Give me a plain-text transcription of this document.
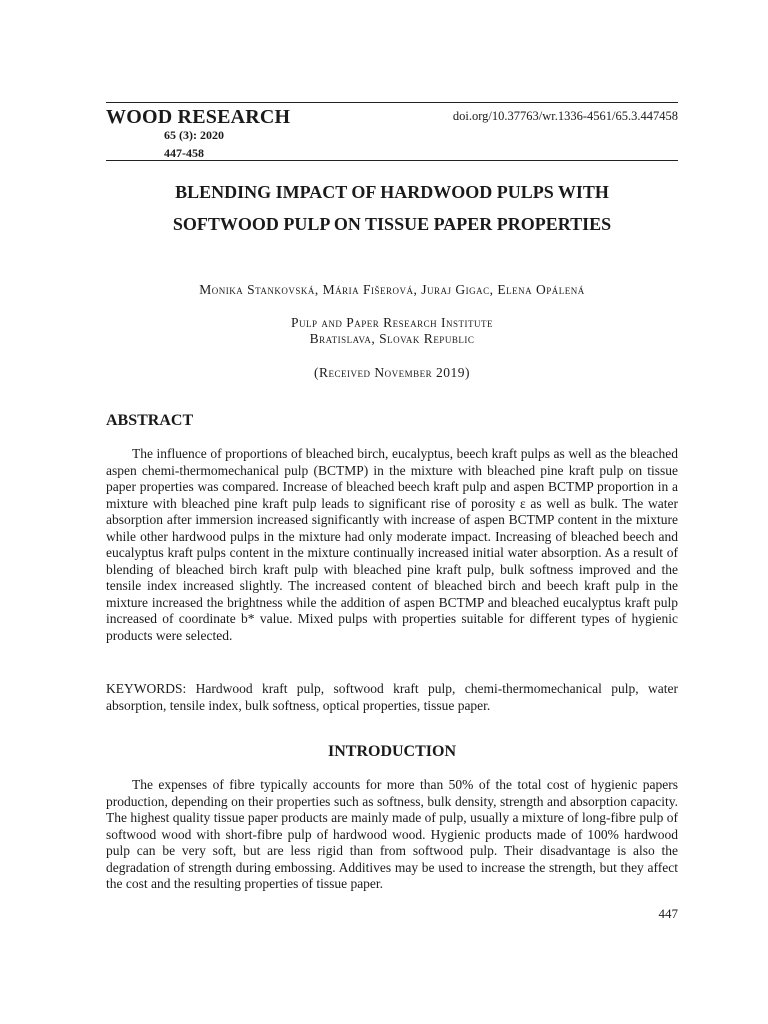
WOOD RESEARCH	doi.org/10.37763/wr.1336-4561/65.3.447458
65 (3): 2020
447-458
BLENDING IMPACT OF HARDWOOD PULPS WITH
SOFTWOOD PULP ON TISSUE PAPER PROPERTIES
Monika Stankovská, Mária Fišerová, Juraj Gigac, Elena Opálená
Pulp and Paper Research Institute
Bratislava, Slovak Republic
(Received November 2019)
ABSTRACT

The influence of proportions of bleached birch, eucalyptus, beech kraft pulps as well as the bleached aspen chemi-thermomechanical pulp (BCTMP) in the mixture with bleached pine kraft pulp on tissue paper properties was compared. Increase of bleached beech kraft pulp and aspen BCTMP proportion in a mixture with bleached pine kraft pulp leads to significant rise of porosity ε as well as bulk. The water absorption after immersion increased significantly with increase of aspen BCTMP content in the mixture while other hardwood pulps in the mixture had only moderate impact. Increasing of bleached beech and eucalyptus kraft pulps content in the mixture continually increased initial water absorption. As a result of blending of bleached birch kraft pulp with bleached pine kraft pulp, bulk softness improved and the tensile index increased slightly. The increased content of bleached birch and beech kraft pulp in the mixture increased the brightness while the addition of aspen BCTMP and bleached eucalyptus kraft pulp increased of coordinate b* value. Mixed pulps with properties suitable for different types of hygienic products were selected.

KEYWORDS: Hardwood kraft pulp, softwood kraft pulp, chemi-thermomechanical pulp, water absorption, tensile index, bulk softness, optical properties, tissue paper.

INTRODUCTION

The expenses of fibre typically accounts for more than 50% of the total cost of hygienic papers production, depending on their properties such as softness, bulk density, strength and absorption capacity. The highest quality tissue paper products are mainly made of pulp, usually a mixture of long-fibre pulp of softwood wood with short-fibre pulp of hardwood wood. Hygienic products made of 100% hardwood pulp can be very soft, but are less rigid than from softwood pulp. Their disadvantage is also the degradation of strength during embossing. Additives may be used to increase the strength, but they affect the cost and the resulting properties of tissue paper.

447
